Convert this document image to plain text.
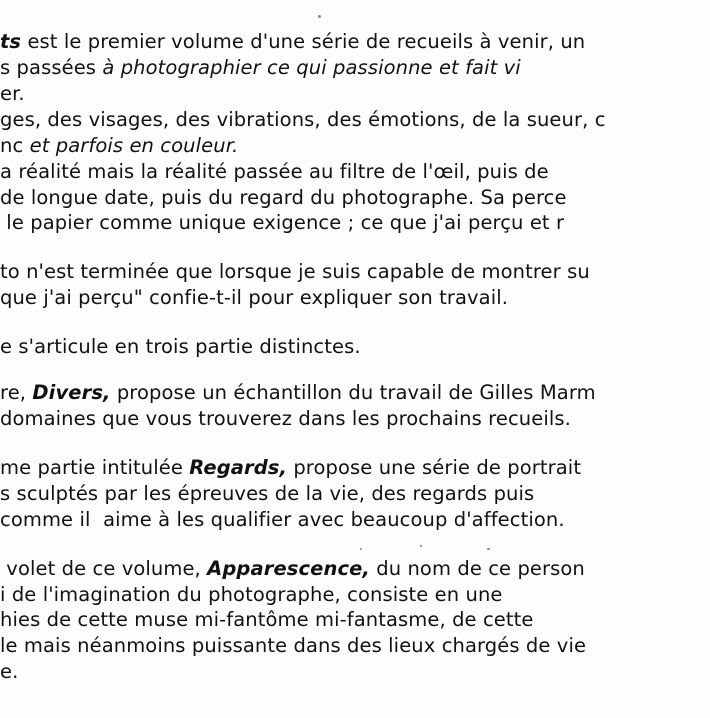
ts est le premier volume d'une série de recueils à venir, un
s passées à photographier ce qui passionne et fait vi
er.
ges, des visages, des vibrations, des émotions, de la sueur, c
nc et parfois en couleur.
a réalité mais la réalité passée au filtre de l'œil, puis de
de longue date, puis du regard du photographe. Sa perce
le papier comme unique exigence ; ce que j'ai perçu et r
to n'est terminée que lorsque je suis capable de montrer su
que j'ai perçu" confie-t-il pour expliquer son travail.
e s'articule en trois partie distinctes.
re, Divers, propose un échantillon du travail de Gilles Marm
domaines que vous trouverez dans les prochains recueils.
me partie intitulée Regards, propose une série de portrait
s sculptés par les épreuves de la vie, des regards puis
comme il  aime à les qualifier avec beaucoup d'affection.
volet de ce volume, Apparescence, du nom de ce person
i de l'imagination du photographe, consiste en une
hies de cette muse mi-fantôme mi-fantasme, de cette
le mais néanmoins puissante dans des lieux chargés de vie
e.
